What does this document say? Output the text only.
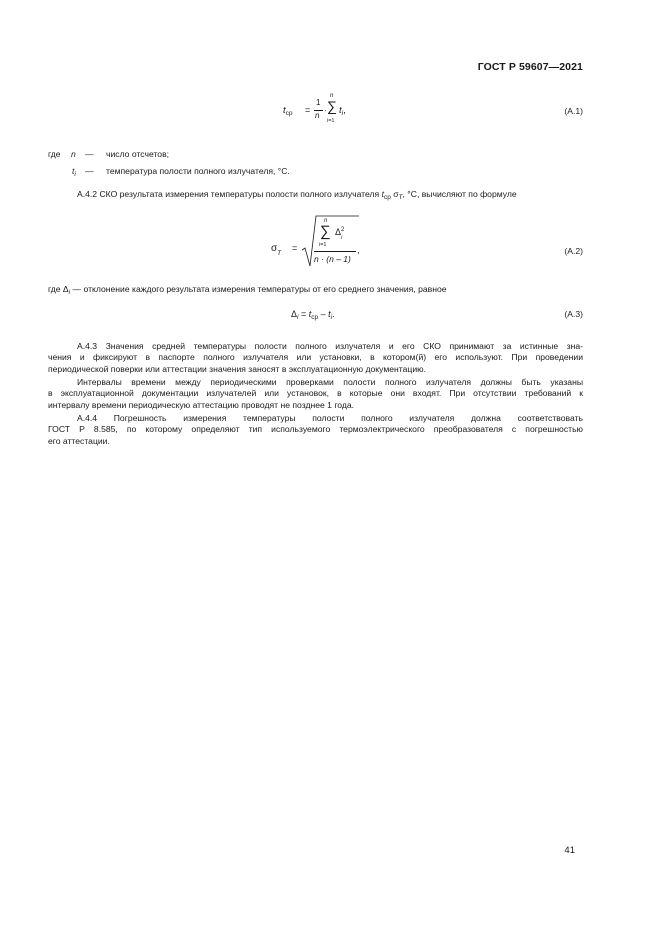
ГОСТ Р 59607—2021
$t_{ср}$ =
1
n
·
n
∑
i=1
$t_i$,	(А.1)
где n — число отсчетов;
$t_i$ — температура полости полного излучателя, °С.
А.4.2 СКО результата измерения температуры полости полного излучателя $t_{ср}$ $\sigma_T$, °С, вычисляют по формуле
$\sigma_T$
=
n
∑ $\Delta^2$
i
i=1
n · (n – 1)
,	(А.2)
где $\Delta_i$ — отклонение каждого результата измерения температуры от его среднего значения, равное
$\Delta_i = t_{ср} - t_i$.	(А.3)
А.4.3 Значения средней температуры полости полного излучателя и его СКО принимают за истинные зна-
чения и фиксируют в паспорте полного излучателя или установки, в котором(й) его используют. При проведении
периодической поверки или аттестации значения заносят в эксплуатационную документацию.
Интервалы времени между периодическими проверками полости полного излучателя должны быть указаны
в эксплуатационной документации излучателей или установок, в которые они входят. При отсутствии требований к
интервалу времени периодическую аттестацию проводят не позднее 1 года.
А.4.4 Погрешность измерения температуры полости полного излучателя должна соответствовать
ГОСТ Р 8.585, по которому определяют тип используемого термоэлектрического преобразователя с погрешностью
его аттестации.
41
